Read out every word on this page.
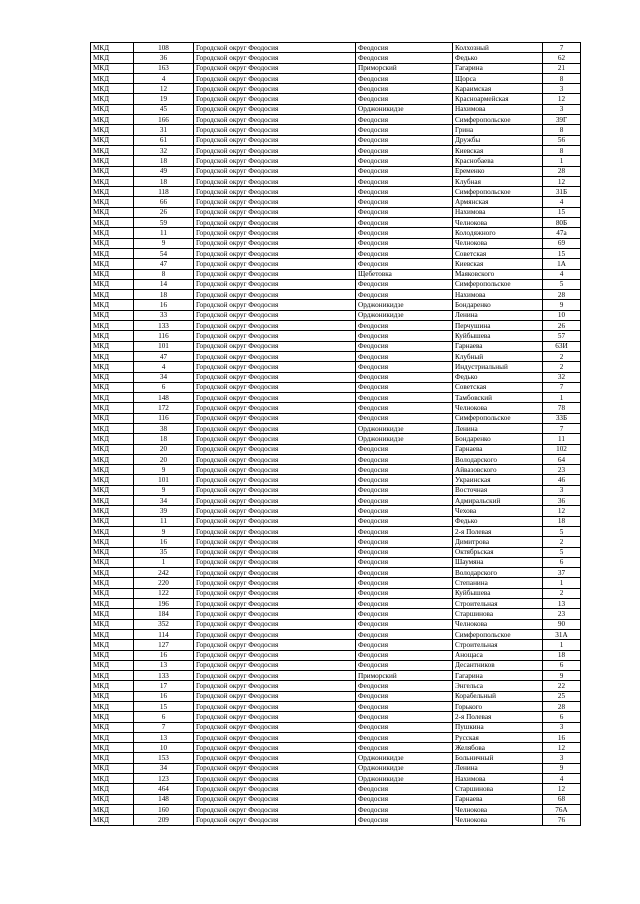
МКД	108	Городской округ Феодосия	Феодосия	Колхозный	7
МКД	36	Городской округ Феодосия	Феодосия	Федько	62
МКД	163	Городской округ Феодосия	Приморский	Гагарина	21
МКД	4	Городской округ Феодосия	Феодосия	Щорса	8
МКД	12	Городской округ Феодосия	Феодосия	Караимская	3
МКД	19	Городской округ Феодосия	Феодосия	Красноармейская	12
МКД	45	Городской округ Феодосия	Орджоникидзе	Нахимова	3
МКД	166	Городской округ Феодосия	Феодосия	Симферопольское	39Г
МКД	31	Городской округ Феодосия	Феодосия	Грина	8
МКД	61	Городской округ Феодосия	Феодосия	Дружбы	56
МКД	32	Городской округ Феодосия	Феодосия	Киевская	8
МКД	18	Городской округ Феодосия	Феодосия	Краснобаева	1
МКД	49	Городской округ Феодосия	Феодосия	Еременко	28
МКД	18	Городской округ Феодосия	Феодосия	Клубная	12
МКД	118	Городской округ Феодосия	Феодосия	Симферопольское	31Б
МКД	66	Городской округ Феодосия	Феодосия	Армянская	4
МКД	26	Городской округ Феодосия	Феодосия	Нахимова	15
МКД	59	Городской округ Феодосия	Феодосия	Челнокова	80Б
МКД	11	Городской округ Феодосия	Феодосия	Колодяжного	47а
МКД	9	Городской округ Феодосия	Феодосия	Челнокова	69
МКД	54	Городской округ Феодосия	Феодосия	Советская	15
МКД	47	Городской округ Феодосия	Феодосия	Киевская	1А
МКД	8	Городской округ Феодосия	Щебетовка	Маяковского	4
МКД	14	Городской округ Феодосия	Феодосия	Симферопольское	5
МКД	18	Городской округ Феодосия	Феодосия	Нахимова	28
МКД	16	Городской округ Феодосия	Орджоникидзе	Бондаренко	9
МКД	33	Городской округ Феодосия	Орджоникидзе	Ленина	10
МКД	133	Городской округ Феодосия	Феодосия	Перчушина	26
МКД	116	Городской округ Феодосия	Феодосия	Куйбышева	57
МКД	101	Городской округ Феодосия	Феодосия	Гарнаева	63И
МКД	47	Городской округ Феодосия	Феодосия	Клубный	2
МКД	4	Городской округ Феодосия	Феодосия	Индустриальный	2
МКД	34	Городской округ Феодосия	Феодосия	Федько	32
МКД	6	Городской округ Феодосия	Феодосия	Советская	7
МКД	148	Городской округ Феодосия	Феодосия	Тамбовский	1
МКД	172	Городской округ Феодосия	Феодосия	Челнокова	78
МКД	116	Городской округ Феодосия	Феодосия	Симферопольское	33Б
МКД	38	Городской округ Феодосия	Орджоникидзе	Ленина	7
МКД	18	Городской округ Феодосия	Орджоникидзе	Бондаренко	11
МКД	20	Городской округ Феодосия	Феодосия	Гарнаева	102
МКД	20	Городской округ Феодосия	Феодосия	Володарского	64
МКД	9	Городской округ Феодосия	Феодосия	Айвазовского	23
МКД	101	Городской округ Феодосия	Феодосия	Украинская	46
МКД	9	Городской округ Феодосия	Феодосия	Восточная	3
МКД	34	Городской округ Феодосия	Феодосия	Адмиральский	36
МКД	39	Городской округ Феодосия	Феодосия	Чехова	12
МКД	11	Городской округ Феодосия	Феодосия	Федько	18
МКД	9	Городской округ Феодосия	Феодосия	2-я Полевая	5
МКД	16	Городской округ Феодосия	Феодосия	Димитрова	2
МКД	35	Городской округ Феодосия	Феодосия	Октябрьская	5
МКД	1	Городской округ Феодосия	Феодосия	Шаумяна	6
МКД	242	Городской округ Феодосия	Феодосия	Володарского	37
МКД	220	Городской округ Феодосия	Феодосия	Степанина	1
МКД	122	Городской округ Феодосия	Феодосия	Куйбышева	2
МКД	196	Городской округ Феодосия	Феодосия	Строительная	13
МКД	184	Городской округ Феодосия	Феодосия	Старшинова	23
МКД	352	Городской округ Феодосия	Феодосия	Челнокова	90
МКД	114	Городской округ Феодосия	Феодосия	Симферопольское	31А
МКД	127	Городской округ Феодосия	Феодосия	Строительная	1
МКД	16	Городской округ Феодосия	Феодосия	Анощаса	18
МКД	13	Городской округ Феодосия	Феодосия	Десантников	6
МКД	133	Городской округ Феодосия	Приморский	Гагарина	9
МКД	17	Городской округ Феодосия	Феодосия	Энгельса	22
МКД	16	Городской округ Феодосия	Феодосия	Корабельный	25
МКД	15	Городской округ Феодосия	Феодосия	Горького	28
МКД	6	Городской округ Феодосия	Феодосия	2-я Полевая	6
МКД	7	Городской округ Феодосия	Феодосия	Пушкина	3
МКД	13	Городской округ Феодосия	Феодосия	Русская	16
МКД	10	Городской округ Феодосия	Феодосия	Желябова	12
МКД	153	Городской округ Феодосия	Орджоникидзе	Больничный	3
МКД	34	Городской округ Феодосия	Орджоникидзе	Ленина	9
МКД	123	Городской округ Феодосия	Орджоникидзе	Нахимова	4
МКД	464	Городской округ Феодосия	Феодосия	Старшинова	12
МКД	148	Городской округ Феодосия	Феодосия	Гарнаева	68
МКД	160	Городской округ Феодосия	Феодосия	Челнокова	76А
МКД	209	Городской округ Феодосия	Феодосия	Челнокова	76
